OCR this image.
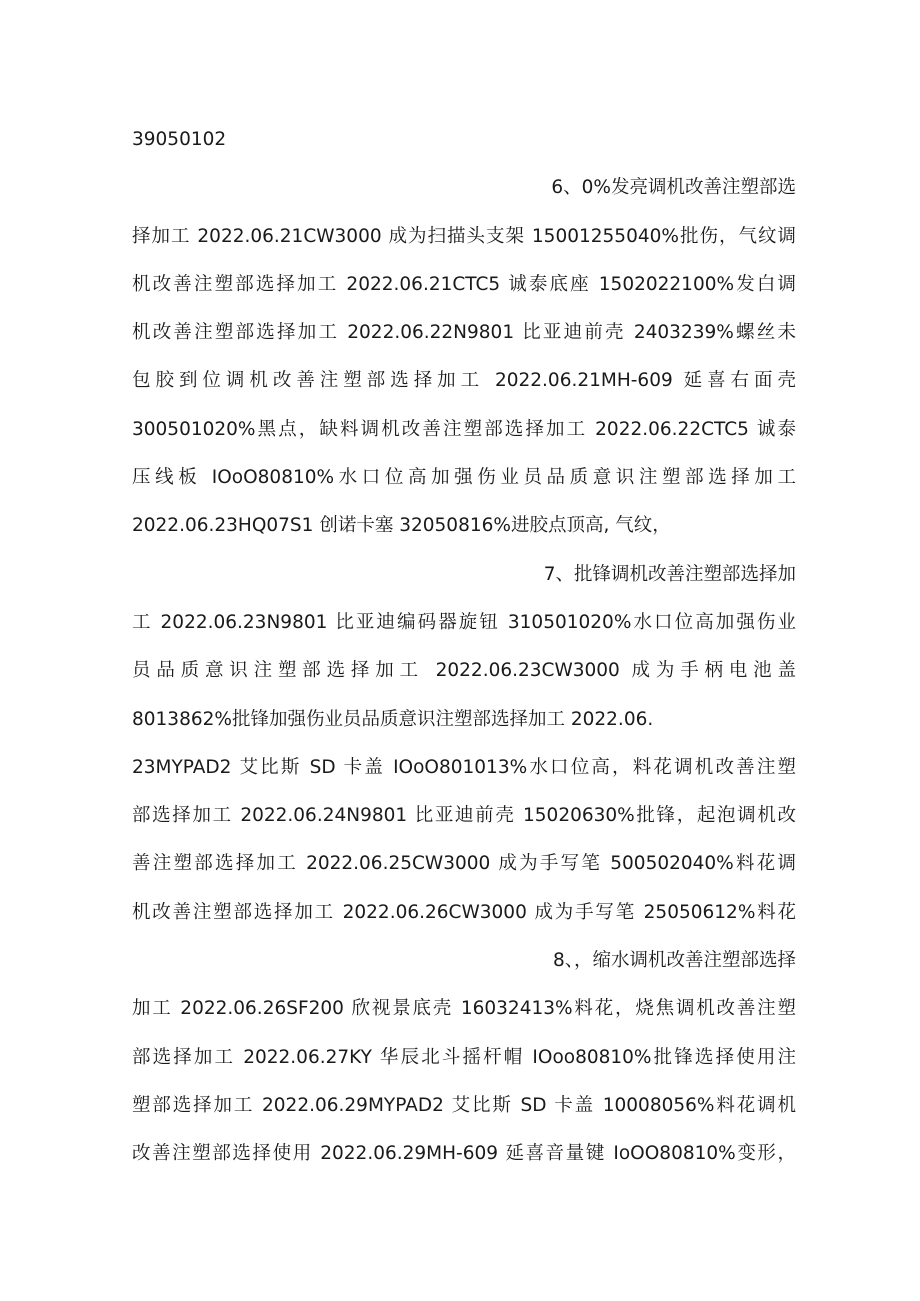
39050102
6、0%发亮调机改善注塑部选
择加工 2022.06.21CW3000 成为扫描头支架 15001255040%批伤，气纹调
机改善注塑部选择加工 2022.06.21CTC5 诚泰底座 1502022100%发白调
机改善注塑部选择加工 2022.06.22N9801 比亚迪前壳 2403239%螺丝未
包胶到位调机改善注塑部选择加工 2022.06.21MH-609 延喜右面壳
300501020%黑点，缺料调机改善注塑部选择加工 2022.06.22CTC5 诚泰
压线板 IOoO80810%水口位高加强伤业员品质意识注塑部选择加工
2022.06.23HQ07S1 创诺卡塞 32050816%进胶点顶高, 气纹，
7、批锋调机改善注塑部选择加
工 2022.06.23N9801 比亚迪编码器旋钮 310501020%水口位高加强伤业
员品质意识注塑部选择加工 2022.06.23CW3000 成为手柄电池盖
8013862%批锋加强伤业员品质意识注塑部选择加工 2022.06.
23MYPAD2 艾比斯 SD 卡盖 IOoO801013%水口位高，料花调机改善注塑
部选择加工 2022.06.24N9801 比亚迪前壳 15020630%批锋，起泡调机改
善注塑部选择加工 2022.06.25CW3000 成为手写笔 500502040%料花调
机改善注塑部选择加工 2022.06.26CW3000 成为手写笔 25050612%料花
8、，缩水调机改善注塑部选择
加工 2022.06.26SF200 欣视景底壳 16032413%料花，烧焦调机改善注塑
部选择加工 2022.06.27KY 华辰北斗摇杆帽 IOoo80810%批锋选择使用注
塑部选择加工 2022.06.29MYPAD2 艾比斯 SD 卡盖 10008056%料花调机
改善注塑部选择使用 2022.06.29MH-609 延喜音量键 IoOO80810%变形，
